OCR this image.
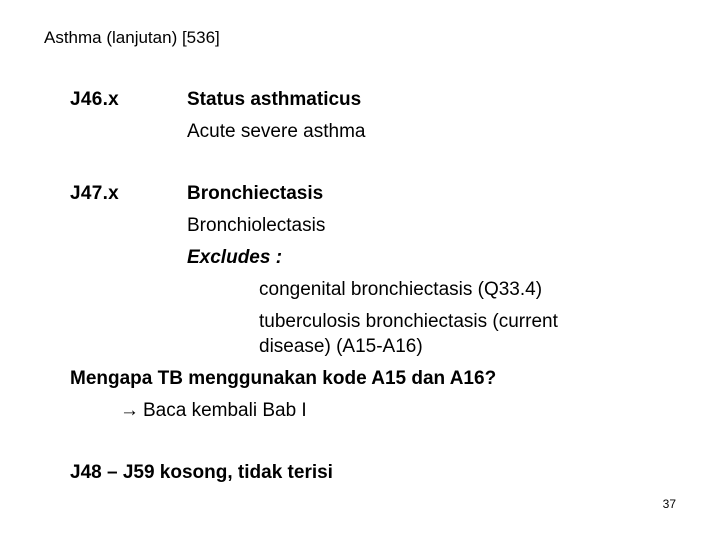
Asthma (lanjutan) [536]
J46.x	Status asthmaticus
Acute severe asthma
J47.x	Bronchiectasis
Bronchiolectasis
Excludes :
congenital bronchiectasis (Q33.4)
tuberculosis bronchiectasis (current
disease) (A15-A16)
Mengapa TB menggunakan kode A15 dan A16?
→ Baca kembali Bab I
J48 – J59 kosong, tidak terisi
37
